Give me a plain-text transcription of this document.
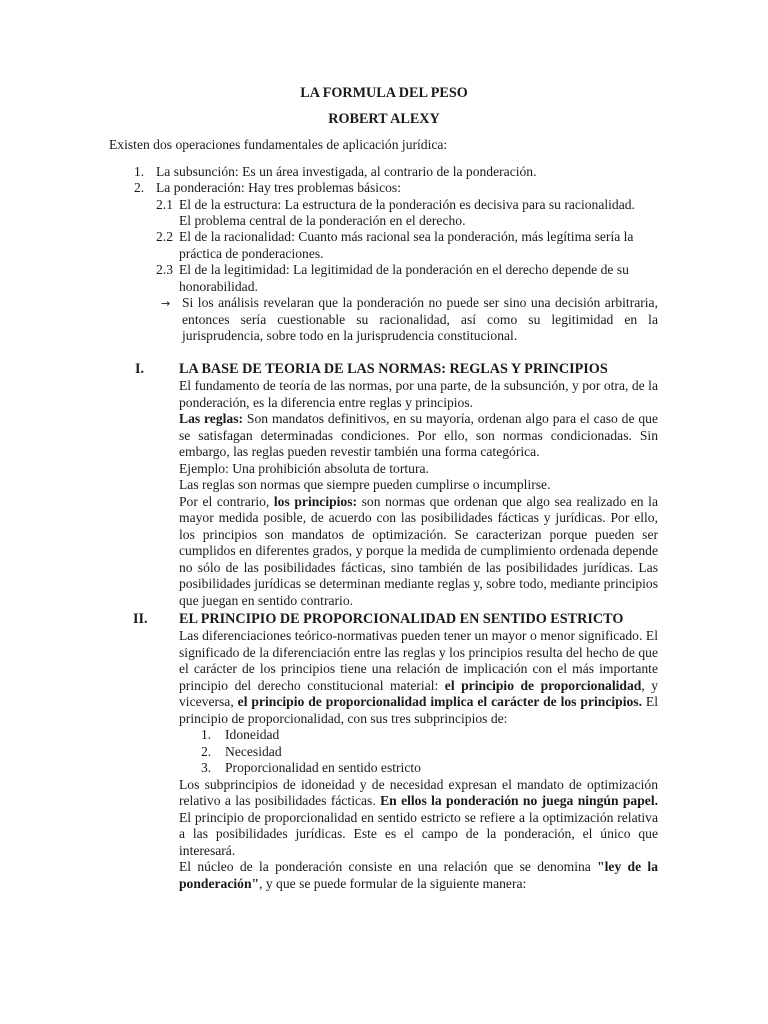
LA FORMULA DEL PESO
ROBERT ALEXY
Existen dos operaciones fundamentales de aplicación jurídica:
1. La subsunción: Es un área investigada, al contrario de la ponderación.
2. La ponderación: Hay tres problemas básicos:
2.1 El de la estructura: La estructura de la ponderación es decisiva para su racionalidad.
El problema central de la ponderación en el derecho.
2.2 El de la racionalidad: Cuanto más racional sea la ponderación, más legítima sería la
práctica de ponderaciones.
2.3 El de la legitimidad: La legitimidad de la ponderación en el derecho depende de su
honorabilidad.
→ Si los análisis revelaran que la ponderación no puede ser sino una decisión arbitraria, entonces sería cuestionable su racionalidad, así como su legitimidad en la jurisprudencia, sobre todo en la jurisprudencia constitucional.
I. LA BASE DE TEORIA DE LAS NORMAS: REGLAS Y PRINCIPIOS
El fundamento de teoría de las normas, por una parte, de la subsunción, y por otra, de la ponderación, es la diferencia entre reglas y principios.
Las reglas: Son mandatos definitivos, en su mayoría, ordenan algo para el caso de que se satisfagan determinadas condiciones. Por ello, son normas condicionadas. Sin embargo, las reglas pueden revestir también una forma categórica.
Ejemplo: Una prohibición absoluta de tortura.
Las reglas son normas que siempre pueden cumplirse o incumplirse.
Por el contrario, los principios: son normas que ordenan que algo sea realizado en la mayor medida posible, de acuerdo con las posibilidades fácticas y jurídicas. Por ello, los principios son mandatos de optimización. Se caracterizan porque pueden ser cumplidos en diferentes grados, y porque la medida de cumplimiento ordenada depende no sólo de las posibilidades fácticas, sino también de las posibilidades jurídicas. Las posibilidades jurídicas se determinan mediante reglas y, sobre todo, mediante principios que juegan en sentido contrario.
II. EL PRINCIPIO DE PROPORCIONALIDAD EN SENTIDO ESTRICTO
Las diferenciaciones teórico-normativas pueden tener un mayor o menor significado. El significado de la diferenciación entre las reglas y los principios resulta del hecho de que el carácter de los principios tiene una relación de implicación con el más importante principio del derecho constitucional material: el principio de proporcionalidad, y viceversa, el principio de proporcionalidad implica el carácter de los principios. El principio de proporcionalidad, con sus tres subprincipios de:
1. Idoneidad
2. Necesidad
3. Proporcionalidad en sentido estricto
Los subprincipios de idoneidad y de necesidad expresan el mandato de optimización relativo a las posibilidades fácticas. En ellos la ponderación no juega ningún papel. El principio de proporcionalidad en sentido estricto se refiere a la optimización relativa a las posibilidades jurídicas. Este es el campo de la ponderación, el único que interesará.
El núcleo de la ponderación consiste en una relación que se denomina "ley de la ponderación", y que se puede formular de la siguiente manera:
